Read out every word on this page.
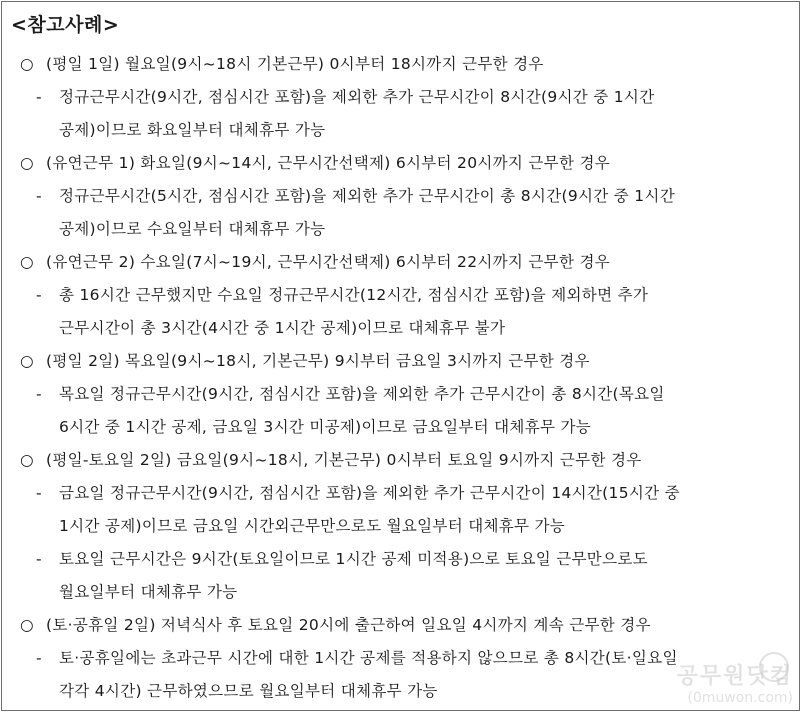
<참고사례>
○ (평일 1일) 월요일(9시~18시 기본근무) 0시부터 18시까지 근무한 경우
- 정규근무시간(9시간, 점심시간 포함)을 제외한 추가 근무시간이 8시간(9시간 중 1시간
공제)이므로 화요일부터 대체휴무 가능
○ (유연근무 1) 화요일(9시~14시, 근무시간선택제) 6시부터 20시까지 근무한 경우
- 정규근무시간(5시간, 점심시간 포함)을 제외한 추가 근무시간이 총 8시간(9시간 중 1시간
공제)이므로 수요일부터 대체휴무 가능
○ (유연근무 2) 수요일(7시~19시, 근무시간선택제) 6시부터 22시까지 근무한 경우
- 총 16시간 근무했지만 수요일 정규근무시간(12시간, 점심시간 포함)을 제외하면 추가
근무시간이 총 3시간(4시간 중 1시간 공제)이므로 대체휴무 불가
○ (평일 2일) 목요일(9시~18시, 기본근무) 9시부터 금요일 3시까지 근무한 경우
- 목요일 정규근무시간(9시간, 점심시간 포함)을 제외한 추가 근무시간이 총 8시간(목요일
6시간 중 1시간 공제, 금요일 3시간 미공제)이므로 금요일부터 대체휴무 가능
○ (평일-토요일 2일) 금요일(9시~18시, 기본근무) 0시부터 토요일 9시까지 근무한 경우
- 금요일 정규근무시간(9시간, 점심시간 포함)을 제외한 추가 근무시간이 14시간(15시간 중
1시간 공제)이므로 금요일 시간외근무만으로도 월요일부터 대체휴무 가능
- 토요일 근무시간은 9시간(토요일이므로 1시간 공제 미적용)으로 토요일 근무만으로도
월요일부터 대체휴무 가능
○ (토·공휴일 2일) 저녁식사 후 토요일 20시에 출근하여 일요일 4시까지 계속 근무한 경우
- 토·공휴일에는 초과근무 시간에 대한 1시간 공제를 적용하지 않으므로 총 8시간(토·일요일
각각 4시간) 근무하였으므로 월요일부터 대체휴무 가능
공무원닷컴
(0muwon.com)
